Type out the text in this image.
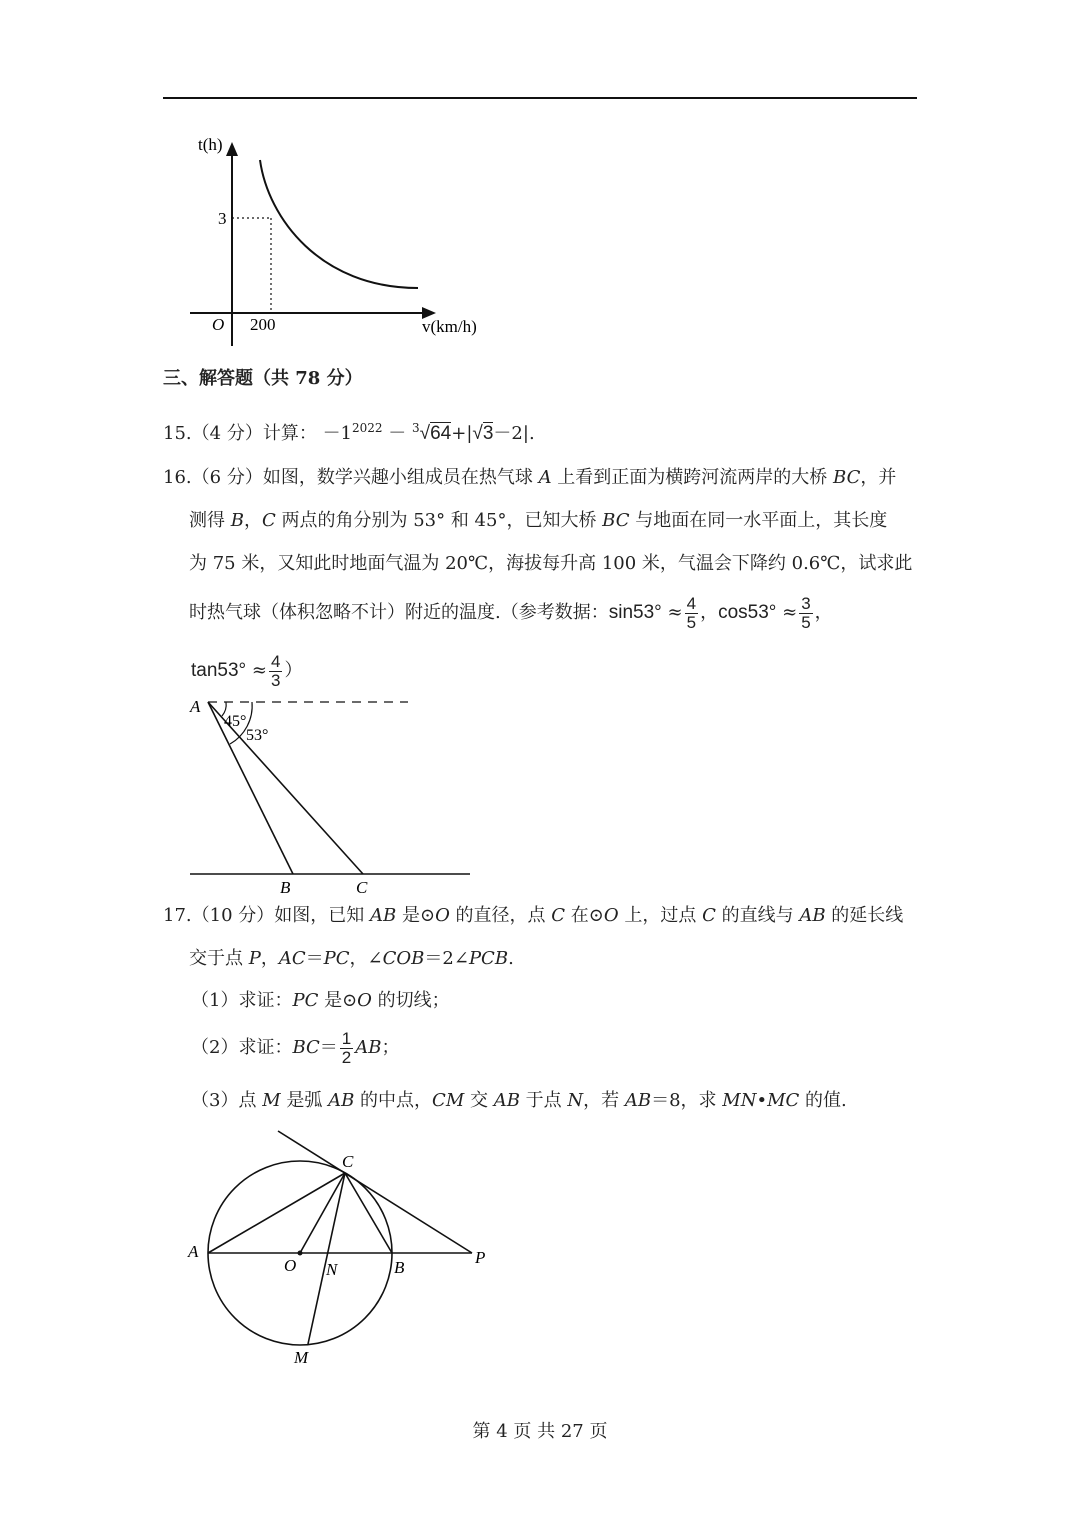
t(h)
3
O 200	v(km/h)
三、解答题（共 78 分）
15.（4 分）计算： $-1^{2022} - ^3√64+|√3-2|$.
16.（6 分）如图，数学兴趣小组成员在热气球 A 上看到正面为横跨河流两岸的大桥 BC，并
测得 B，C 两点的角分别为 53° 和 45°，已知大桥 BC 与地面在同一水平面上，其长度
为 75 米，又知此时地面气温为 20℃，海拔每升高 100 米，气温会下降约 0.6℃，试求此
时热气球（体积忽略不计）附近的温度.（参考数据：$\sin 53^\circ \approx \frac{4}{5}$ ，$\cos 53^\circ \approx \frac{3}{5}$ ，
$\tan 53^\circ \approx \frac{4}{3}$ ）
A
45°
53°
B	C
17.（10 分）如图，已知 AB 是⊙O 的直径，点 C 在⊙O 上，过点 C 的直线与 AB 的延长线
交于点 P，AC＝PC，∠COB＝2∠PCB.
（1）求证：PC 是⊙O 的切线；
（2）求证：$BC= \frac{1}{2}$ AB；
（3）点 M 是弧 AB 的中点，CM 交 AB 于点 N，若 AB＝8，求 MN•MC 的值.
A
C
O N	B
P
M
第 4 页 共 27 页
